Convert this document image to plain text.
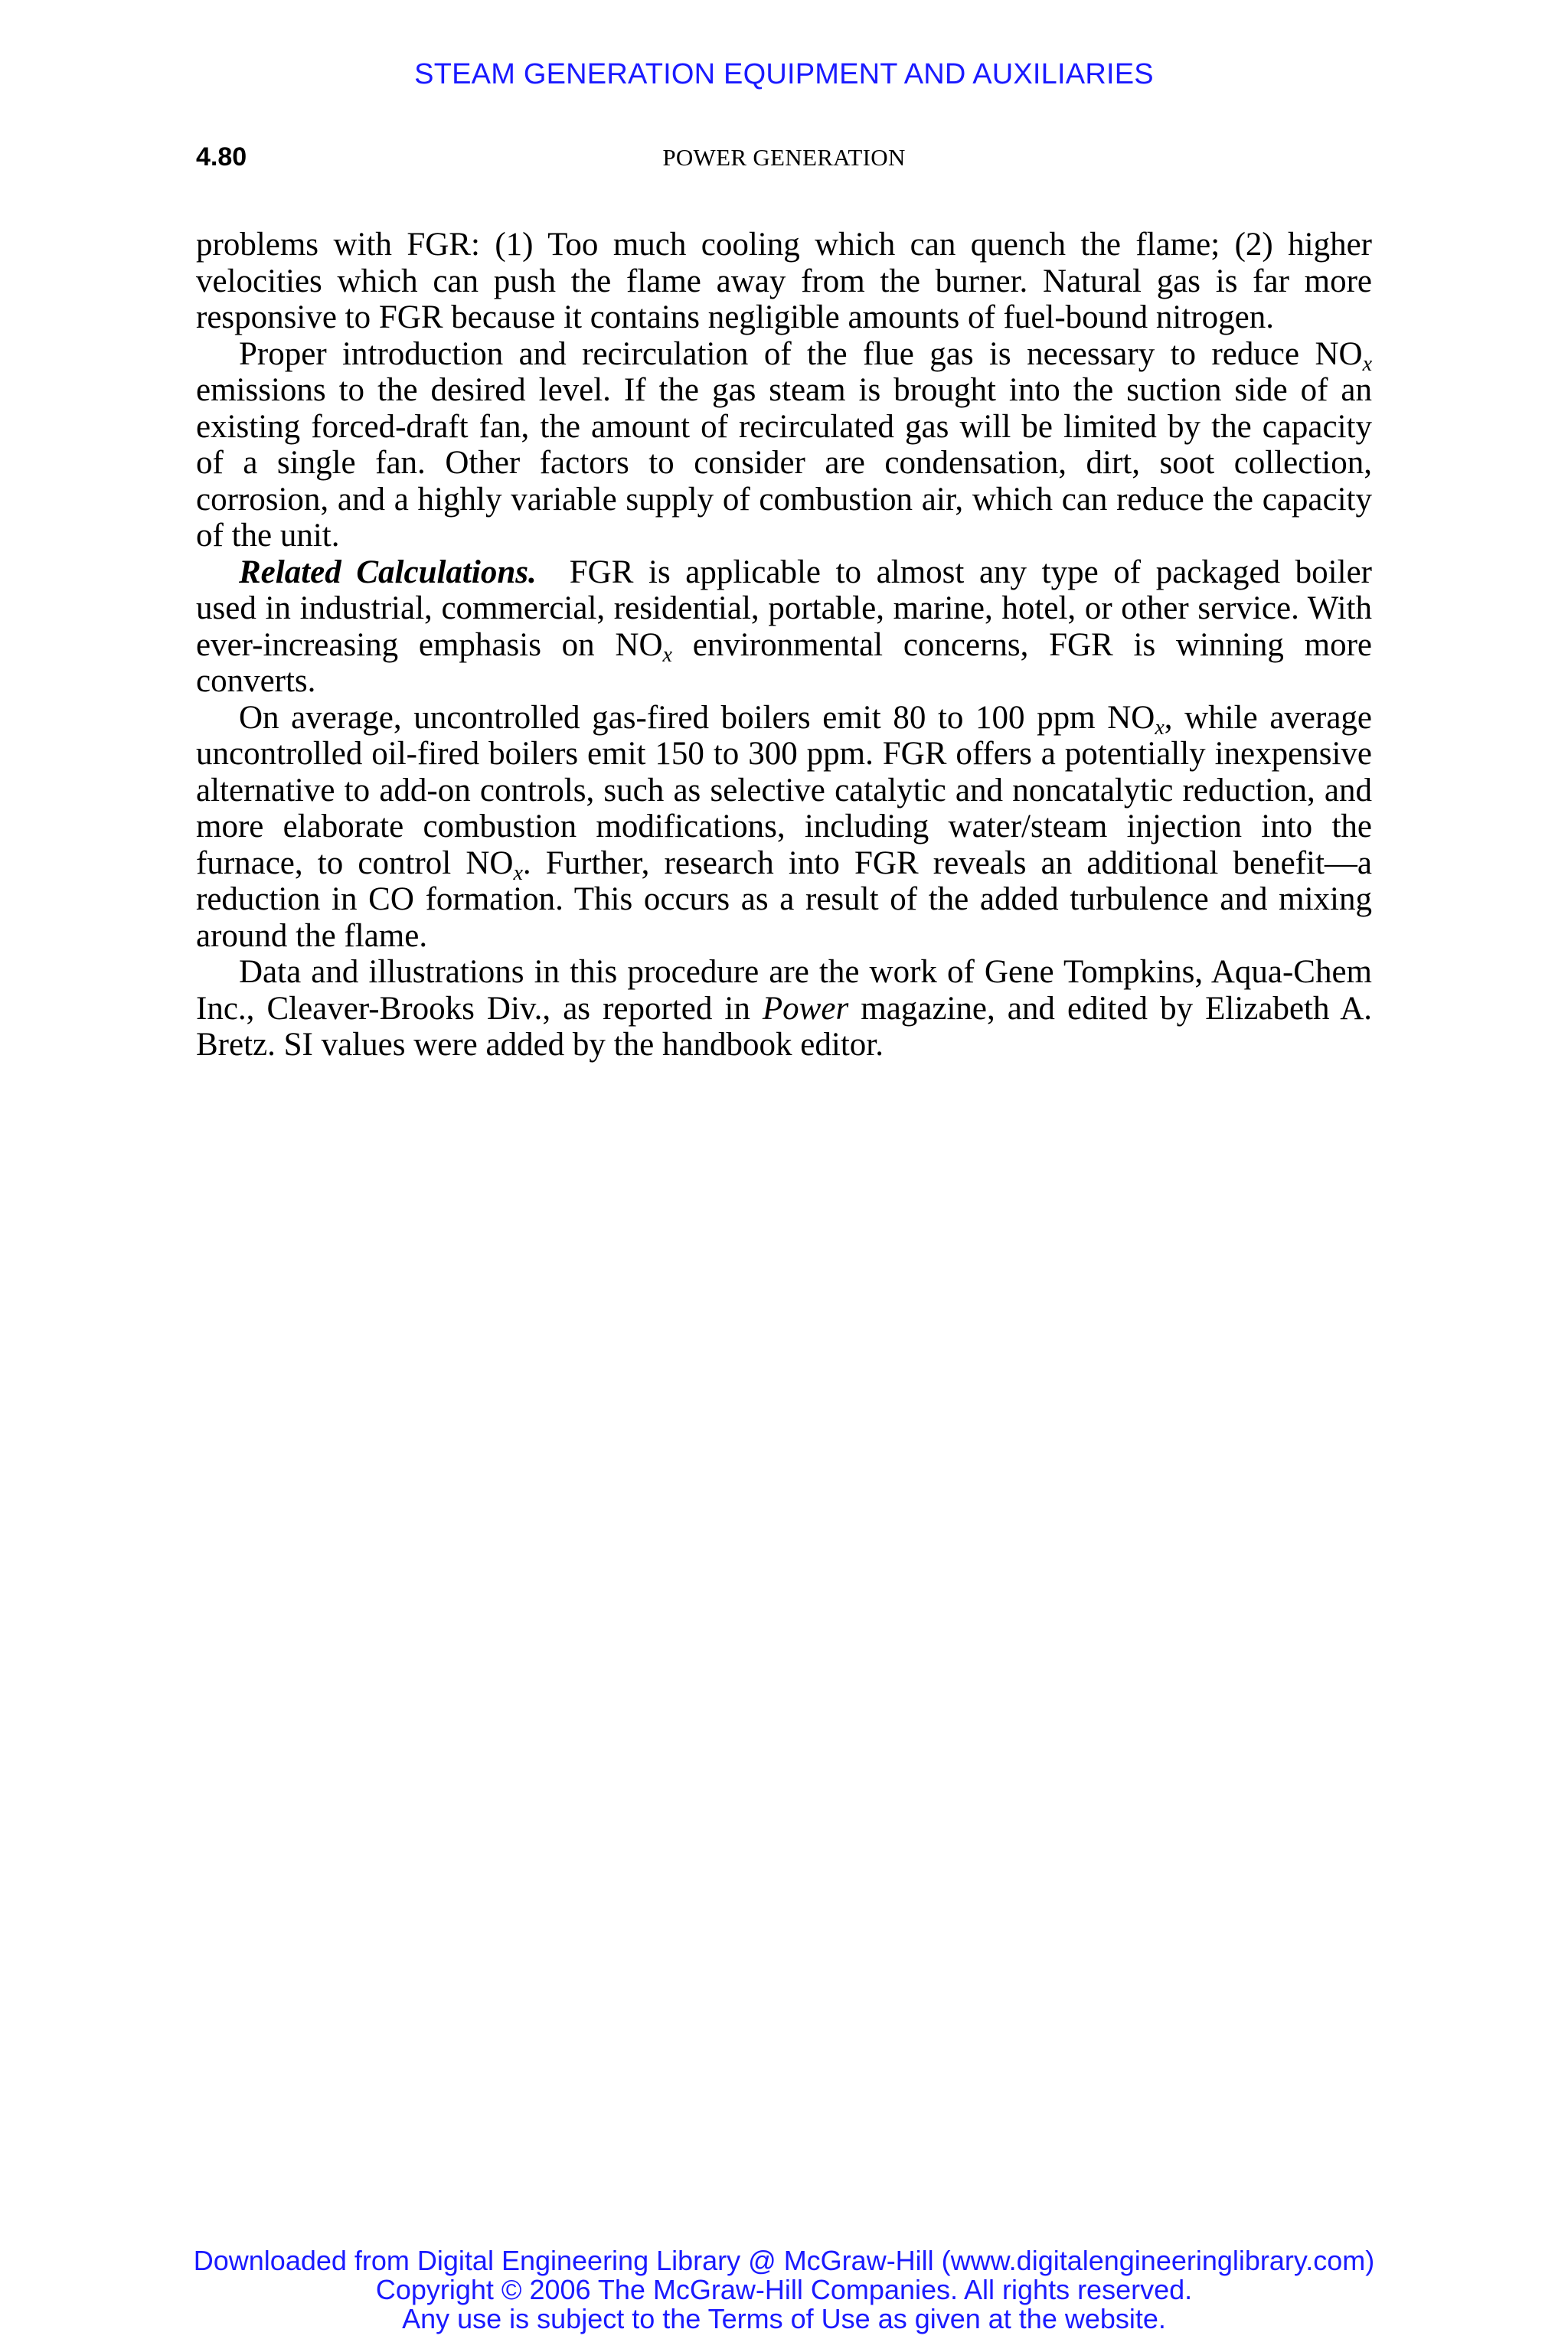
STEAM GENERATION EQUIPMENT AND AUXILIARIES
4.80	POWER GENERATION

problems with FGR: (1) Too much cooling which can quench the flame; (2) higher velocities which can push the flame away from the burner. Natural gas is far more responsive to FGR because it contains negligible amounts of fuel-bound nitrogen.

Proper introduction and recirculation of the flue gas is necessary to reduce $NO_x$ emissions to the desired level. If the gas steam is brought into the suction side of an existing forced-draft fan, the amount of recirculated gas will be limited by the capacity of a single fan. Other factors to consider are condensation, dirt, soot collection, corrosion, and a highly variable supply of combustion air, which can reduce the capacity of the unit.

Related Calculations. FGR is applicable to almost any type of packaged boiler used in industrial, commercial, residential, portable, marine, hotel, or other service. With ever-increasing emphasis on $NO_x$ environmental concerns, FGR is winning more converts.

On average, uncontrolled gas-fired boilers emit 80 to 100 ppm $NO_x$, while average uncontrolled oil-fired boilers emit 150 to 300 ppm. FGR offers a potentially inexpensive alternative to add-on controls, such as selective catalytic and noncatalytic reduction, and more elaborate combustion modifications, including water/​steam injection into the furnace, to control $NO_x$. Further, research into FGR reveals an additional benefit—a reduction in CO formation. This occurs as a result of the added turbulence and mixing around the flame.

Data and illustrations in this procedure are the work of Gene Tompkins, Aqua-Chem Inc., Cleaver-Brooks Div., as reported in Power magazine, and edited by Elizabeth A. Bretz. SI values were added by the handbook editor.

Downloaded from Digital Engineering Library @ McGraw-Hill (www.digitalengineeringlibrary.com)
Copyright © 2006 The McGraw-Hill Companies. All rights reserved.
Any use is subject to the Terms of Use as given at the website.
